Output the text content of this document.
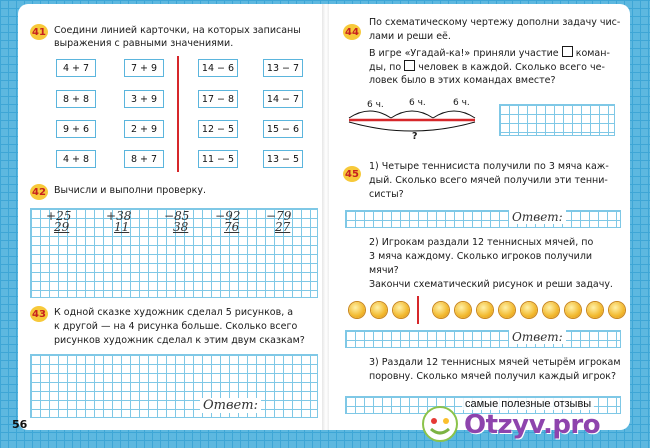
41 Соедини линией карточки, на которых записаны
выражения с равными значениями.
4 + 7	7 + 9
8 + 8	3 + 9
9 + 6	2 + 9
4 + 8	8 + 7
14 − 6	13 − 7
17 − 8	14 − 7
12 − 5	15 − 6
11 − 5	13 − 5
42 Вычисли и выполни проверку.
+25
29
+38
11
−85
38
−92
76
−79
27
43 К одной сказке художник сделал 5 рисунков, а
к другой — на 4 рисунка больше. Сколько всего
рисунков художник сделал к этим двум сказкам?
Ответ:
56
44
По схематическому чертежу дополни задачу чис-
лами и реши её.
В игре «Угадай-ка!» приняли участие коман-
ды, по человек в каждой. Сколько всего че-
ловек было в этих командах вместе?
6 ч.	6 ч.	6 ч.
?
45
1) Четыре теннисиста получили по 3 мяча каж-
дый. Сколько всего мячей получили эти тенни-
систы?
Ответ:
2) Игрокам раздали 12 теннисных мячей, по
3 мяча каждому. Сколько игроков получили
мячи?
Закончи схематический рисунок и реши задачу.
Ответ:
3) Раздали 12 теннисных мячей четырём игрокам
поровну. Сколько мячей получил каждый игрок?
самые полезные отзывы
Otzyv.pro
